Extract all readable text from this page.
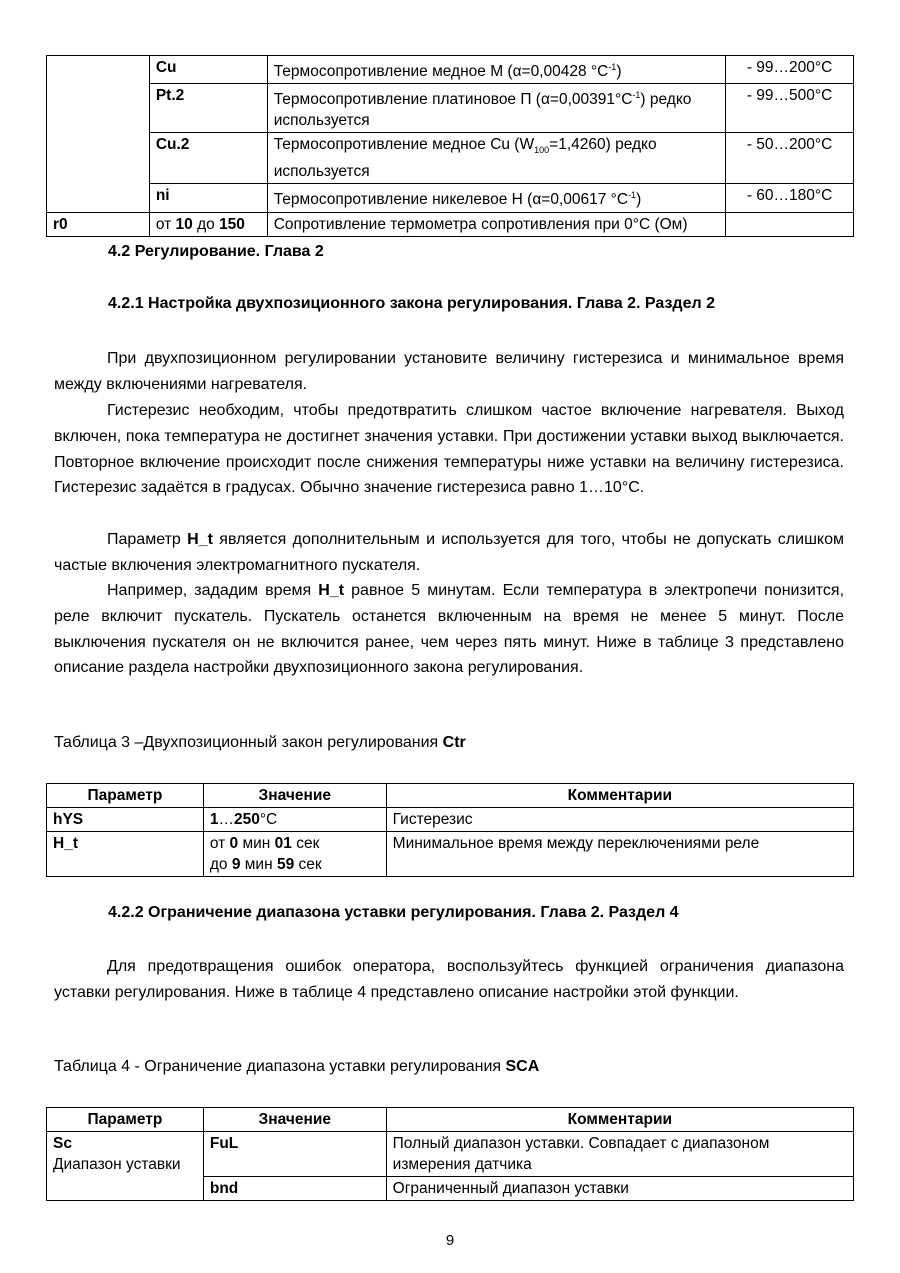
	Cu	Термосопротивление медное М (α=0,00428 $^\circ С^{-1}$)	- 99…200°С
	Pt.2	Термосопротивление платиновое П $(\alpha=0,00391^\circ С^{-1})$ редко используется	- 99…500°С
	Cu.2	Термосопротивление медное Cu $(W_{100}=1,4260)$ редко используется	- 50…200°С
	ni	Термосопротивление никелевое Н (α=0,00617 $^\circ С^{-1}$)	- 60…180°С
r0	от 10 до 150	Сопротивление термометра сопротивления при 0°С (Ом)	
4.2 Регулирование. Глава 2
4.2.1 Настройка двухпозиционного закона регулирования. Глава 2. Раздел 2

При двухпозиционном регулировании установите величину гистерезиса и минимальное время между включениями нагревателя.

Гистерезис необходим, чтобы предотвратить слишком частое включение нагревателя. Выход включен, пока температура не достигнет значения уставки. При достижении уставки выход выключается. Повторное включение происходит после снижения температуры ниже уставки на величину гистерезиса. Гистерезис задаётся в градусах. Обычно значение гистерезиса равно 1…10°С.

Параметр H_t является дополнительным и используется для того, чтобы не допускать слишком частые включения электромагнитного пускателя.

Например, зададим время H_t равное 5 минутам. Если температура в электропечи понизится, реле включит пускатель. Пускатель останется включенным на время не менее 5 минут. После выключения пускателя он не включится ранее, чем через пять минут. Ниже в таблице 3 представлено описание раздела настройки двухпозиционного закона регулирования.

Таблица 3 –Двухпозиционный закон регулирования Ctr

Параметр	Значение	Комментарии
hYS	1…250°С	Гистерезис
H_t	от 0 мин 01 сек
до 9 мин 59 сек	Минимальное время между переключениями реле
4.2.2 Ограничение диапазона уставки регулирования. Глава 2. Раздел 4

Для предотвращения ошибок оператора, воспользуйтесь функцией ограничения диапазона уставки регулирования. Ниже в таблице 4 представлено описание настройки этой функции.

Таблица 4 - Ограничение диапазона уставки регулирования SCA

Параметр	Значение	Комментарии

Sc
Диапазон уставки	FuL	Полный диапазон уставки. Совпадает с диапазоном измерения датчика
	bnd	Ограниченный диапазон уставки
9
